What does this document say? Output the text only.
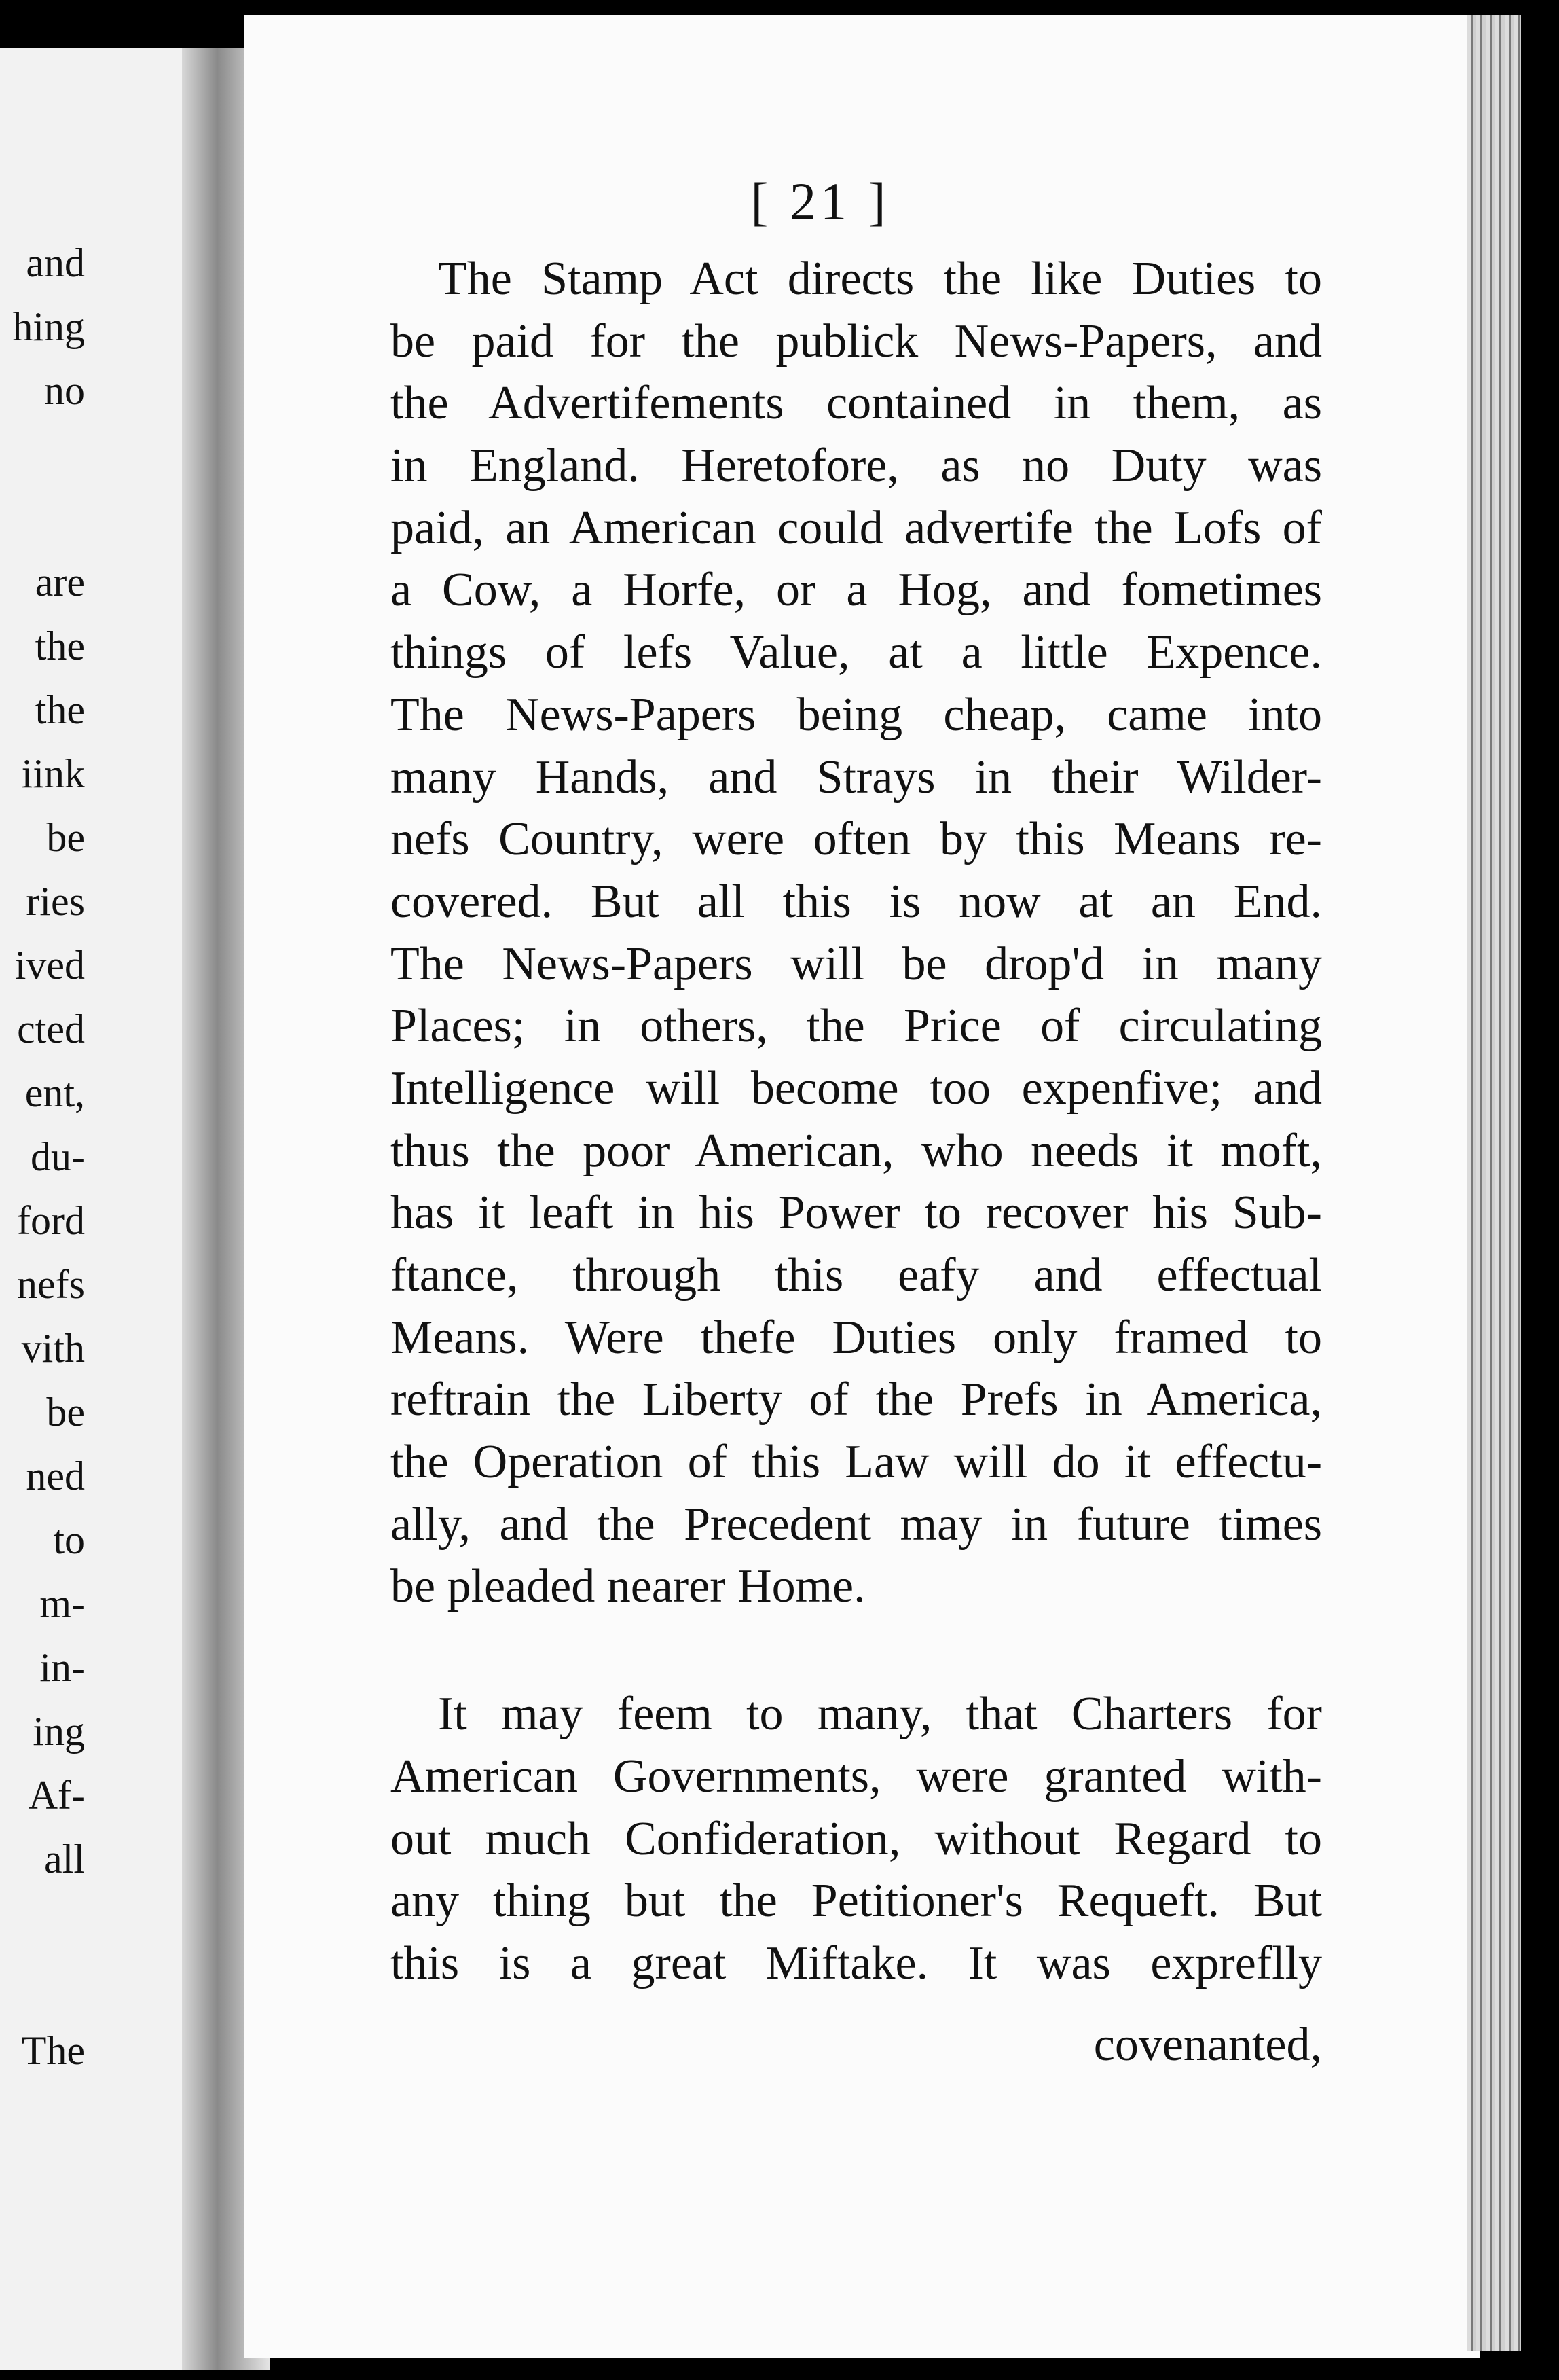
and
hing
no
are
the
the
iink
be
ries
ived
cted
ent,
du-
ford
nefs
vith
be
ned
to
m-
in-
ing
Af-
all
The
[ 21 ]
The Stamp Act directs the like Duties to
be paid for the publick News-Papers, and
the Advertifements contained in them, as
in England. Heretofore, as no Duty was
paid, an American could advertife the Lofs of
a Cow, a Horfe, or a Hog, and fometimes
things of lefs Value, at a little Expence.
The News-Papers being cheap, came into
many Hands, and Strays in their Wilder-
nefs Country, were often by this Means re-
covered. But all this is now at an End.
The News-Papers will be drop'd in many
Places; in others, the Price of circulating
Intelligence will become too expenfive; and
thus the poor American, who needs it moft,
has it leaft in his Power to recover his Sub-
ftance, through this eafy and effectual
Means. Were thefe Duties only framed to
reftrain the Liberty of the Prefs in America,
the Operation of this Law will do it effectu-
ally, and the Precedent may in future times
be pleaded nearer Home.
It may feem to many, that Charters for
American Governments, were granted with-
out much Confideration, without Regard to
any thing but the Petitioner's Requeft. But
this is a great Miftake. It was expreflly
covenanted,
